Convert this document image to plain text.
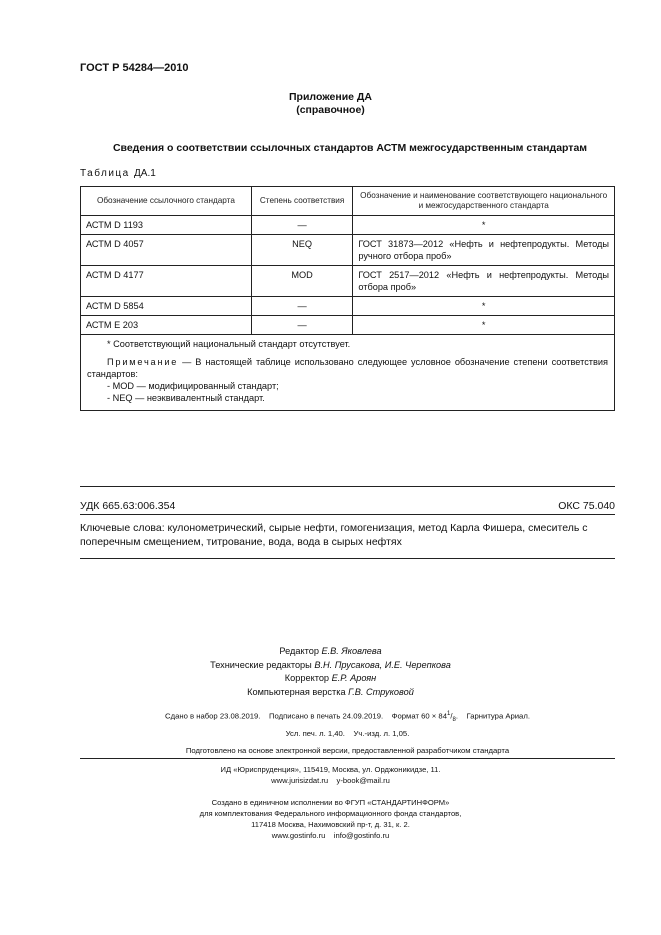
ГОСТ Р 54284—2010
Приложение ДА
(справочное)
Сведения о соответствии ссылочных стандартов АСТМ межгосударственным стандартам
Таблица ДА.1
Обозначение ссылочного стандарта	Степень соответствия	Обозначение и наименование соответствующего национального и межгосударственного стандарта
АСТМ D 1193	—	*
АСТМ D 4057	NEQ	ГОСТ 31873—2012 «Нефть и нефтепродукты. Методы ручного отбора проб»
АСТМ D 4177	MOD	ГОСТ 2517—2012 «Нефть и нефтепродукты. Методы отбора проб»
АСТМ D 5854	—	*
АСТМ E 203	—	*

* Соответствующий национальный стандарт отсутствует.

Примечание — В настоящей таблице использовано следующее условное обозначение степени соответствия стандартов:

- MOD — модифицированный стандарт;

- NEQ — неэквивалентный стандарт.		

УДК 665.63:006.354	ОКС 75.040
Ключевые слова: кулонометрический, сырые нефти, гомогенизация, метод Карла Фишера, смеситель с поперечным смещением, титрование, вода, вода в сырых нефтях
Редактор Е.В. Яковлева
Технические редакторы В.Н. Прусакова, И.Е. Черепкова
Корректор Е.Р. Ароян
Компьютерная верстка Г.В. Струковой
Сдано в набор 23.08.2019.    Подписано в печать 24.09.2019.    Формат $60 \times 84^1/_8$.    Гарнитура Ариал.
Усл. печ. л. 1,40.    Уч.-изд. л. 1,05.
Подготовлено на основе электронной версии, предоставленной разработчиком стандарта
ИД «Юриспруденция», 115419, Москва, ул. Орджоникидзе, 11.
www.jurisizdat.ru    y-book@mail.ru
Создано в единичном исполнении во ФГУП «СТАНДАРТИНФОРМ»
для комплектования Федерального информационного фонда стандартов,
117418 Москва, Нахимовский пр-т, д. 31, к. 2.
www.gostinfo.ru    info@gostinfo.ru
